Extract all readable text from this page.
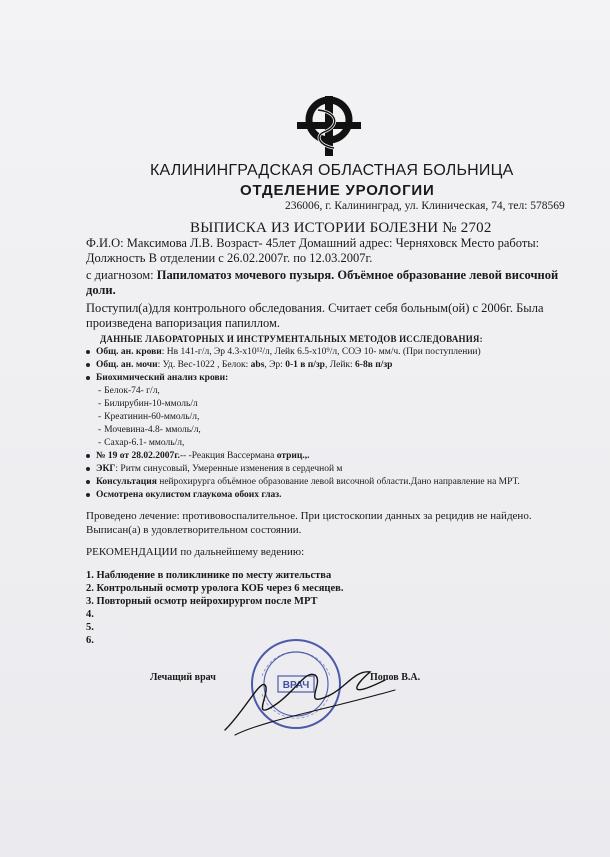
КАЛИНИНГРАДСКАЯ ОБЛАСТНАЯ БОЛЬНИЦА
ОТДЕЛЕНИЕ УРОЛОГИИ
236006, г. Калининград, ул. Клиническая, 74, тел: 578569
ВЫПИСКА ИЗ ИСТОРИИ БОЛЕЗНИ № 2702
Ф.И.О: Максимова Л.В. Возраст- 45лет Домашний адрес: Черняховск Место работы:
Должность В отделении с 26.02.2007г. по 12.03.2007г.
с диагнозом: Папиломатоз мочевого пузыря. Объёмное образование левой височной
доли.
Поступил(а)для контрольного обследования. Считает себя больным(ой) с 2006г. Была
произведена вапоризация папиллом.
ДАННЫЕ ЛАБОРАТОРНЫХ И ИНСТРУМЕНТАЛЬНЫХ МЕТОДОВ ИССЛЕДОВАНИЯ:
Общ. ан. крови: Нв 141-г/л, Эр 4.3-х10¹²/л, Лейк 6.5-х10⁹/л, СОЭ 10- мм/ч. (При поступлении)
Общ. ан. мочи: Уд. Вес-1022 , Белок: abs, Эр: 0-1 в п/зр, Лейк: 6-8в п/зр
Биохимический анализ крови:
- Белок-74- г/л,
- Билирубин-10-ммоль/л
- Креатинин-60-ммоль/л,
- Мочевина-4.8- ммоль/л,
- Сахар-6.1- ммоль/л,
№ 19 от 28.02.2007г.-- -Реакция Вассермана отриц.,.
ЭКГ: Ритм синусовый, Умеренные изменения в сердечной м
Консультация нейрохирурга объёмное образование левой височной области.Дано направление на МРТ.
Осмотрена окулистом глаукома обоих глаз.
Проведено лечение: противовоспалительное. При цистоскопии данных за рецидив не найдено.
Выписан(а) в удовлетворительном состоянии.
РЕКОМЕНДАЦИИ по дальнейшему ведению:
1. Наблюдение в поликлинике по месту жительства
2. Контрольный осмотр уролога КОБ через 6 месяцев.
3. Повторный осмотр нейрохирургом после МРТ
4.
5.
6.
Лечащий врач	Попов В.А.
ВРАЧ
